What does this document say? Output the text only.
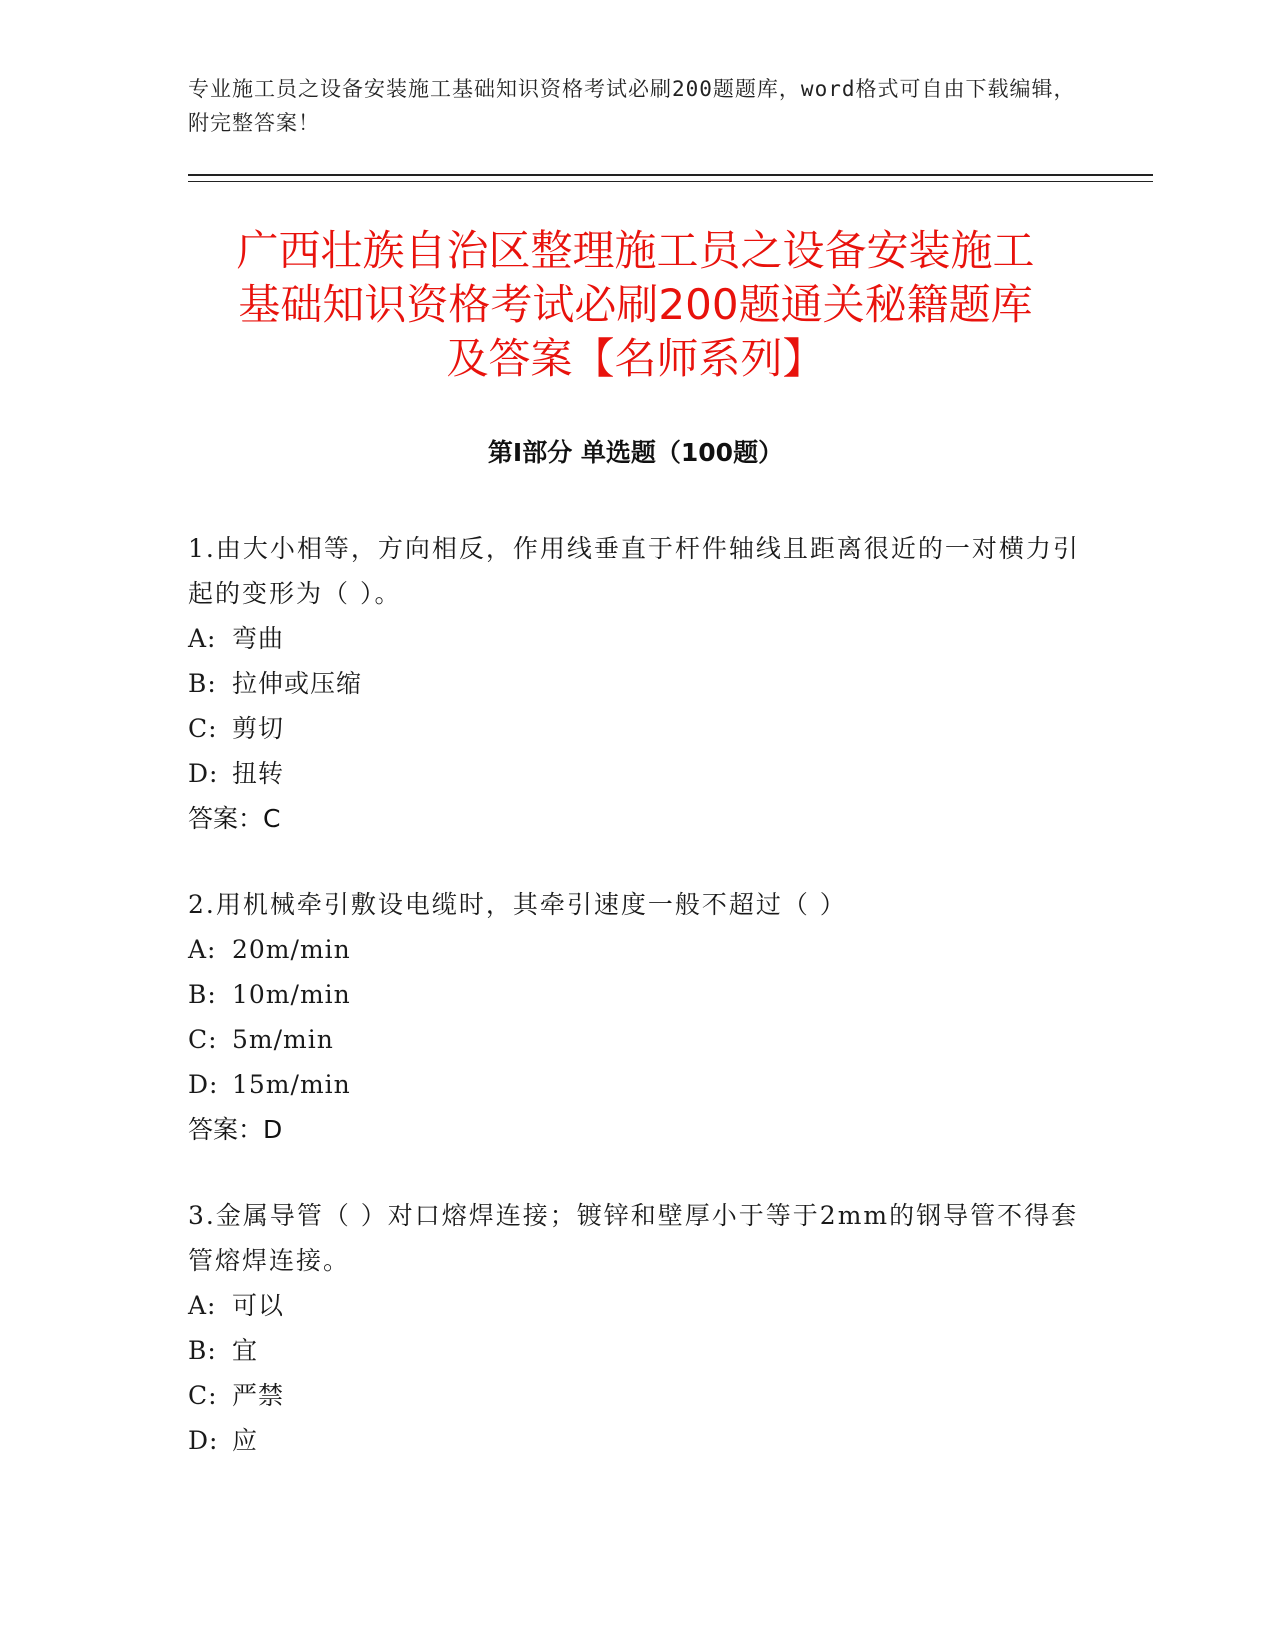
专业施工员之设备安装施工基础知识资格考试必刷200题题库，word格式可自由下载编辑，附完整答案！
广西壮族自治区整理施工员之设备安装施工
基础知识资格考试必刷200题通关秘籍题库
及答案【名师系列】
第Ⅰ部分 单选题（100题）

1.由大小相等，方向相反，作用线垂直于杆件轴线且距离很近的一对横力引起的变形为（ ）。

A: 弯曲

B: 拉伸或压缩

C: 剪切

D: 扭转

答案：C

2.用机械牵引敷设电缆时，其牵引速度一般不超过（ ）

A: 20m/min

B: 10m/min

C: 5m/min

D: 15m/min

答案：D

3.金属导管（ ）对口熔焊连接；镀锌和壁厚小于等于2mm的钢导管不得套管熔焊连接。

A: 可以

B: 宜

C: 严禁

D: 应
